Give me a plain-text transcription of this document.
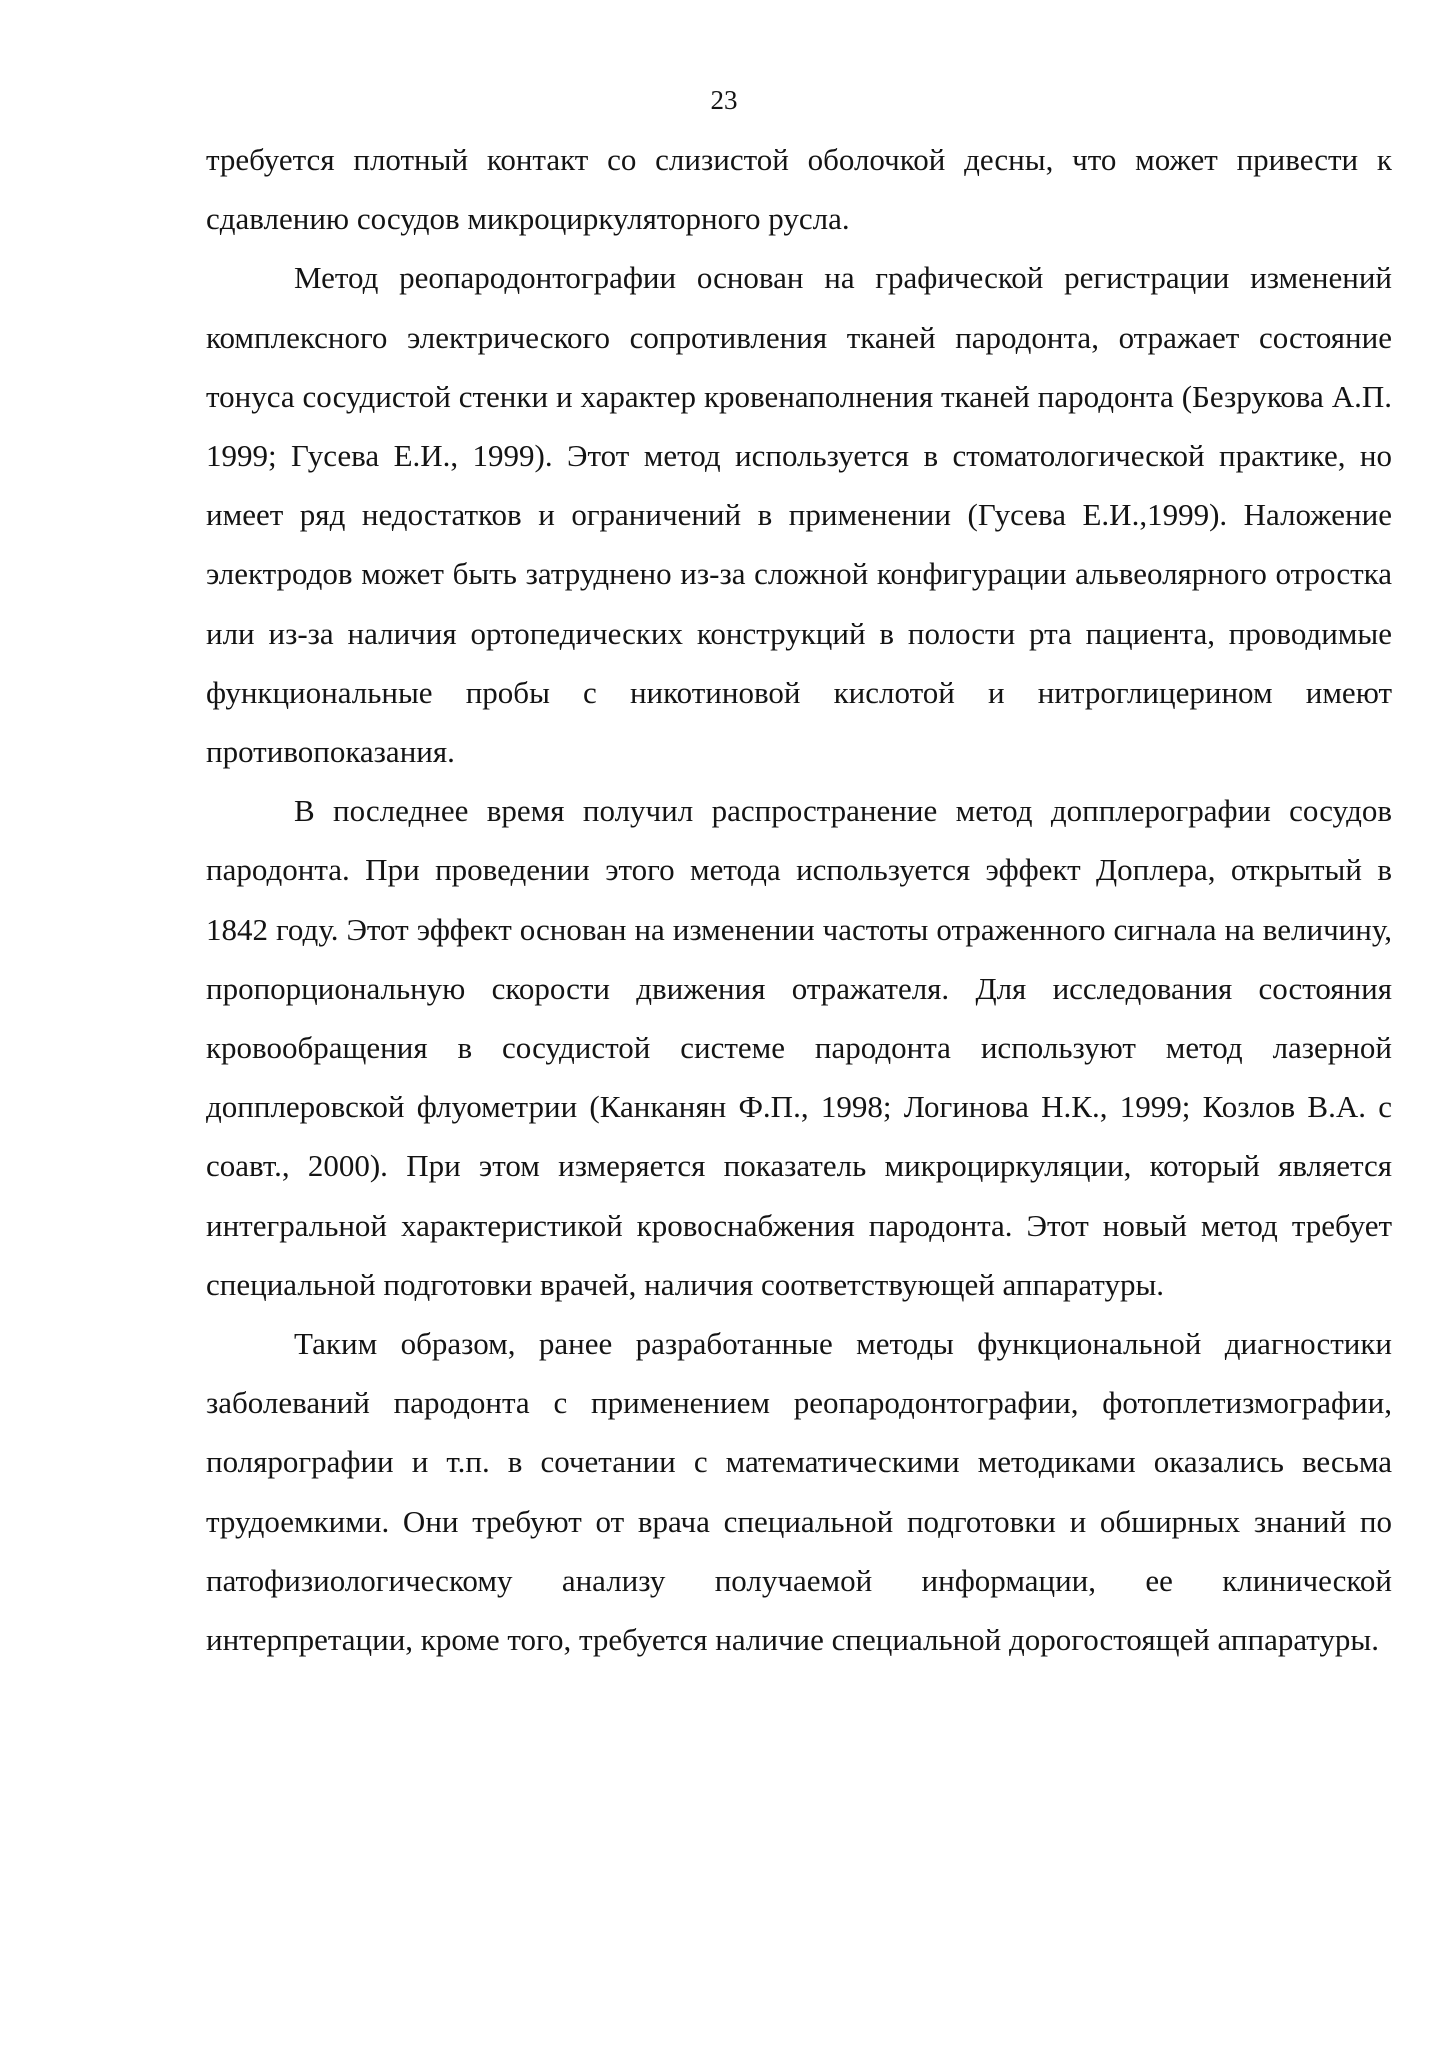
23

требуется плотный контакт со слизистой оболочкой десны, что может привести к сдавлению сосудов микроциркуляторного русла.

Метод реопародонтографии основан на графической регистрации изменений комплексного электрического сопротивления тканей пародонта, отражает состояние тонуса сосудистой стенки и характер кровенаполнения тканей пародонта (Безрукова А.П. 1999; Гусева Е.И., 1999). Этот метод используется в стоматологической практике, но имеет ряд недостатков и ограничений в применении (Гусева Е.И.,1999). Наложение электродов может быть затруднено из-за сложной конфигурации альвеолярного отростка или из-за наличия ортопедических конструкций в полости рта пациента, проводимые функциональные пробы с никотиновой кислотой и нитроглицерином имеют противопоказания.

В последнее время получил распространение метод допплерографии сосудов пародонта. При проведении этого метода используется эффект Доплера, открытый в 1842 году. Этот эффект основан на изменении частоты отраженного сигнала на величину, пропорциональную скорости движения отражателя. Для исследования состояния кровообращения в сосудистой системе пародонта используют метод лазерной допплеровской флуометрии (Канканян Ф.П., 1998; Логинова Н.К., 1999; Козлов В.А. с соавт., 2000). При этом измеряется показатель микроциркуляции, который является интегральной характеристикой кровоснабжения пародонта. Этот новый метод требует специальной подготовки врачей, наличия соответствующей аппаратуры.

Таким образом, ранее разработанные методы функциональной диагностики заболеваний пародонта с применением реопародонтографии, фотоплетизмографии, полярографии и т.п. в сочетании с математическими методиками оказались весьма трудоемкими. Они требуют от врача специальной подготовки и обширных знаний по патофизиологическому анализу получаемой информации, ее клинической интерпретации, кроме того, требуется наличие специальной дорогостоящей аппаратуры.
